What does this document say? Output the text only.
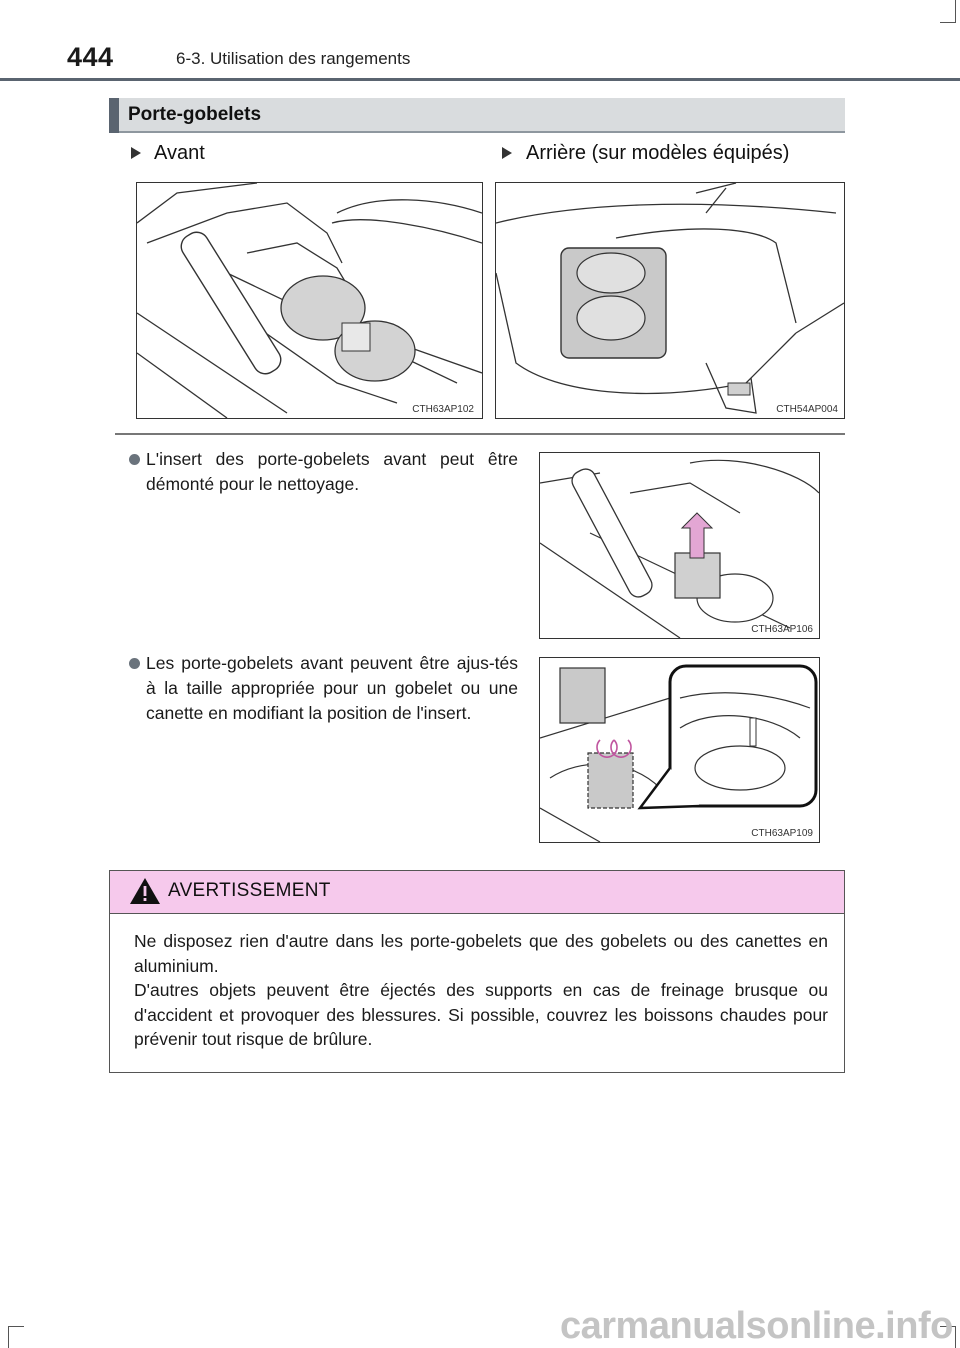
444	6-3. Utilisation des rangements
Porte-gobelets
Avant	Arrière (sur modèles équipés)
CTH63AP102	CTH54AP004
L'insert des porte-gobelets avant peut être démonté pour le nettoyage.
CTH63AP106
Les porte-gobelets avant peuvent être ajus-tés à la taille appropriée pour un gobelet ou une canette en modifiant la position de l'insert.
CTH63AP109
AVERTISSEMENT
Ne disposez rien d'autre dans les porte-gobelets que des gobelets ou des canettes en aluminium.
D'autres objets peuvent être éjectés des supports en cas de freinage brusque ou d'accident et provoquer des blessures. Si possible, couvrez les boissons chaudes pour prévenir tout risque de brûlure.
carmanualsonline.info
